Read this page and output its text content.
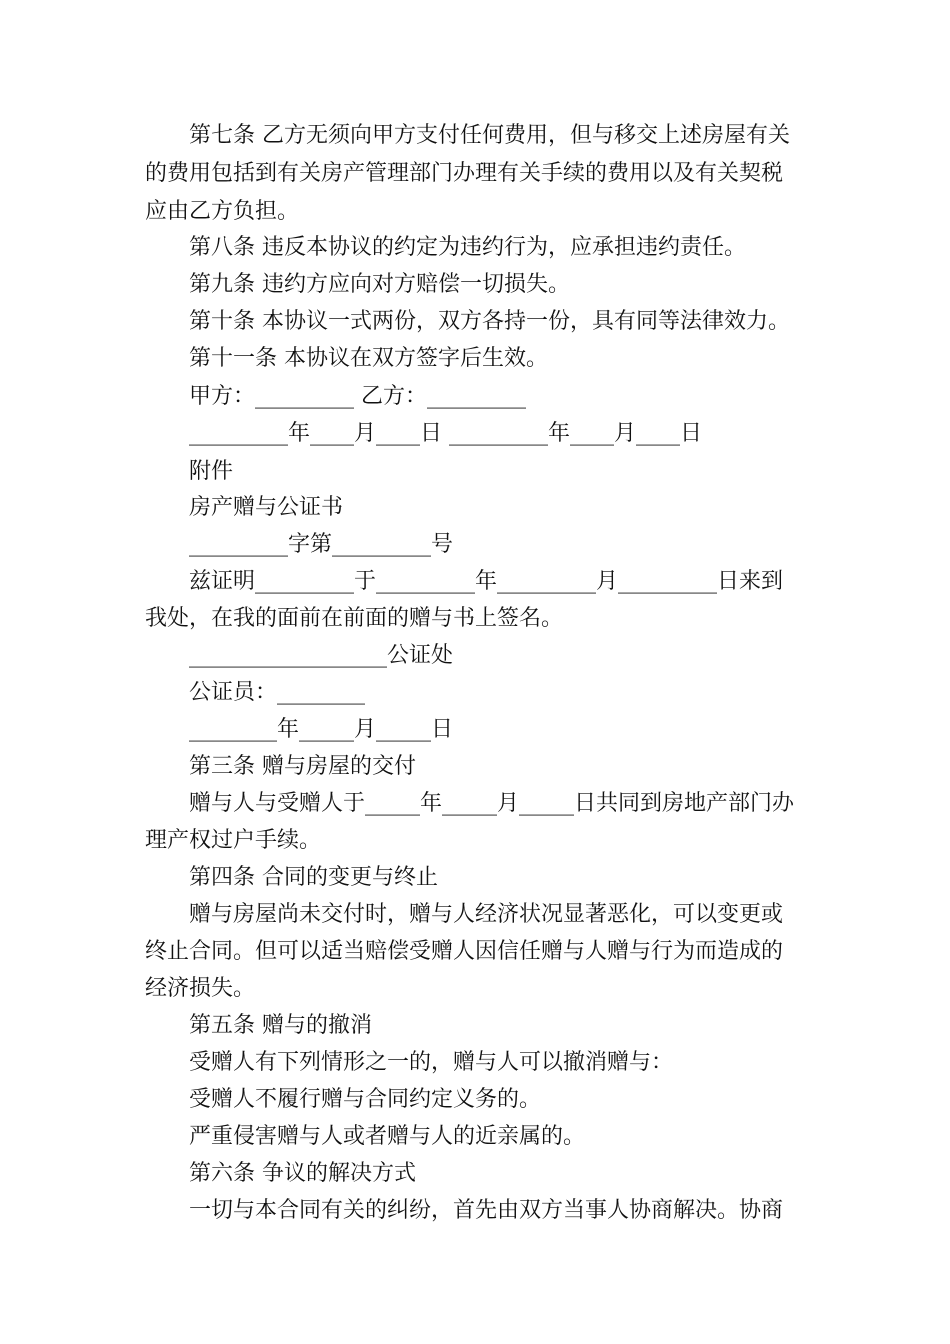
第七条 乙方无须向甲方支付任何费用，但与移交上述房屋有关
的费用包括到有关房产管理部门办理有关手续的费用以及有关契税
应由乙方负担。
第八条 违反本协议的约定为违约行为，应承担违约责任。
第九条 违约方应向对方赔偿一切损失。
第十条 本协议一式两份，双方各持一份，具有同等法律效力。
第十一条 本协议在双方签字后生效。
甲方：_________ 乙方：_________
_________年____月____日 _________年____月____日
附件
房产赠与公证书
_________字第_________号
兹证明_________于_________年_________月_________日来到
我处，在我的面前在前面的赠与书上签名。
__________________公证处
公证员：________
________年_____月_____日
第三条 赠与房屋的交付
赠与人与受赠人于_____年_____月_____日共同到房地产部门办
理产权过户手续。
第四条 合同的变更与终止
赠与房屋尚未交付时，赠与人经济状况显著恶化，可以变更或
终止合同。但可以适当赔偿受赠人因信任赠与人赠与行为而造成的
经济损失。
第五条 赠与的撤消
受赠人有下列情形之一的，赠与人可以撤消赠与：
受赠人不履行赠与合同约定义务的。
严重侵害赠与人或者赠与人的近亲属的。
第六条 争议的解决方式
一切与本合同有关的纠纷，首先由双方当事人协商解决。协商
